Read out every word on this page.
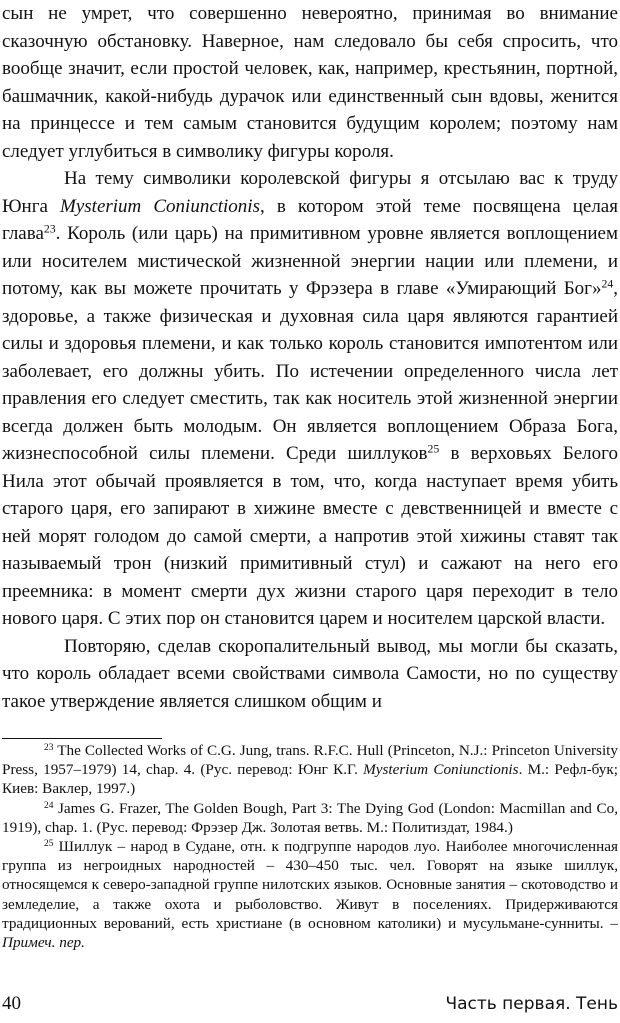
сын не умрет, что совершенно невероятно, принимая во внимание сказочную обстановку. Наверное, нам следовало бы себя спросить, что вообще значит, если простой человек, как, например, крестьянин, портной, башмачник, какой-нибудь дурачок или единственный сын вдовы, женится на принцессе и тем самым становится будущим королем; поэтому нам следует углубиться в символику фигуры короля.

На тему символики королевской фигуры я отсылаю вас к труду Юнга Mysterium Coniunctionis, в котором этой теме посвящена целая глава$^{23}$. Король (или царь) на примитивном уровне является воплощением или носителем мистической жизненной энергии нации или племени, и потому, как вы можете прочитать у Фрэзера в главе «Умирающий Бог»$^{24}$, здоровье, а также физическая и духовная сила царя являются гарантией силы и здоровья племени, и как только король становится импотентом или заболевает, его должны убить. По истечении определенного числа лет правления его следует сместить, так как носитель этой жизненной энергии всегда должен быть молодым. Он является воплощением Образа Бога, жизнеспособной силы племени. Среди шиллуков$^{25}$ в верховьях Белого Нила этот обычай проявляется в том, что, когда наступает время убить старого царя, его запирают в хижине вместе с девственницей и вместе с ней морят голодом до самой смерти, а напротив этой хижины ставят так называемый трон (низкий примитивный стул) и сажают на него его преемника: в момент смерти дух жизни старого царя переходит в тело нового царя. С этих пор он становится царем и носителем царской власти.

Повторяю, сделав скоропалительный вывод, мы могли бы сказать, что король обладает всеми свойствами символа Самости, но по существу такое утверждение является слишком общим и

$^{23}$ The Collected Works of C.G. Jung, trans. R.F.C. Hull (Princeton, N.J.: Princeton University Press, 1957–1979) 14, chap. 4. (Рус. перевод: Юнг К.Г. Mysterium Coniunctionis. М.: Рефл-бук; Киев: Ваклер, 1997.)

$^{24}$ James G. Frazer, The Golden Bough, Part 3: The Dying God (London: Macmillan and Co, 1919), chap. 1. (Рус. перевод: Фрэзер Дж. Золотая ветвь. М.: Политиздат, 1984.)

$^{25}$ Шиллук – народ в Судане, отн. к подгруппе народов луо. Наиболее многочисленная группа из негроидных народностей – 430–450 тыс. чел. Говорят на языке шиллук, относящемся к северо-западной группе нилотских языков. Основные занятия – скотоводство и земледелие, а также охота и рыболовство. Живут в поселениях. Придерживаются традиционных верований, есть христиане (в основном католики) и мусульмане-сунниты. – Примеч. пер.

40	Часть первая. Тень
